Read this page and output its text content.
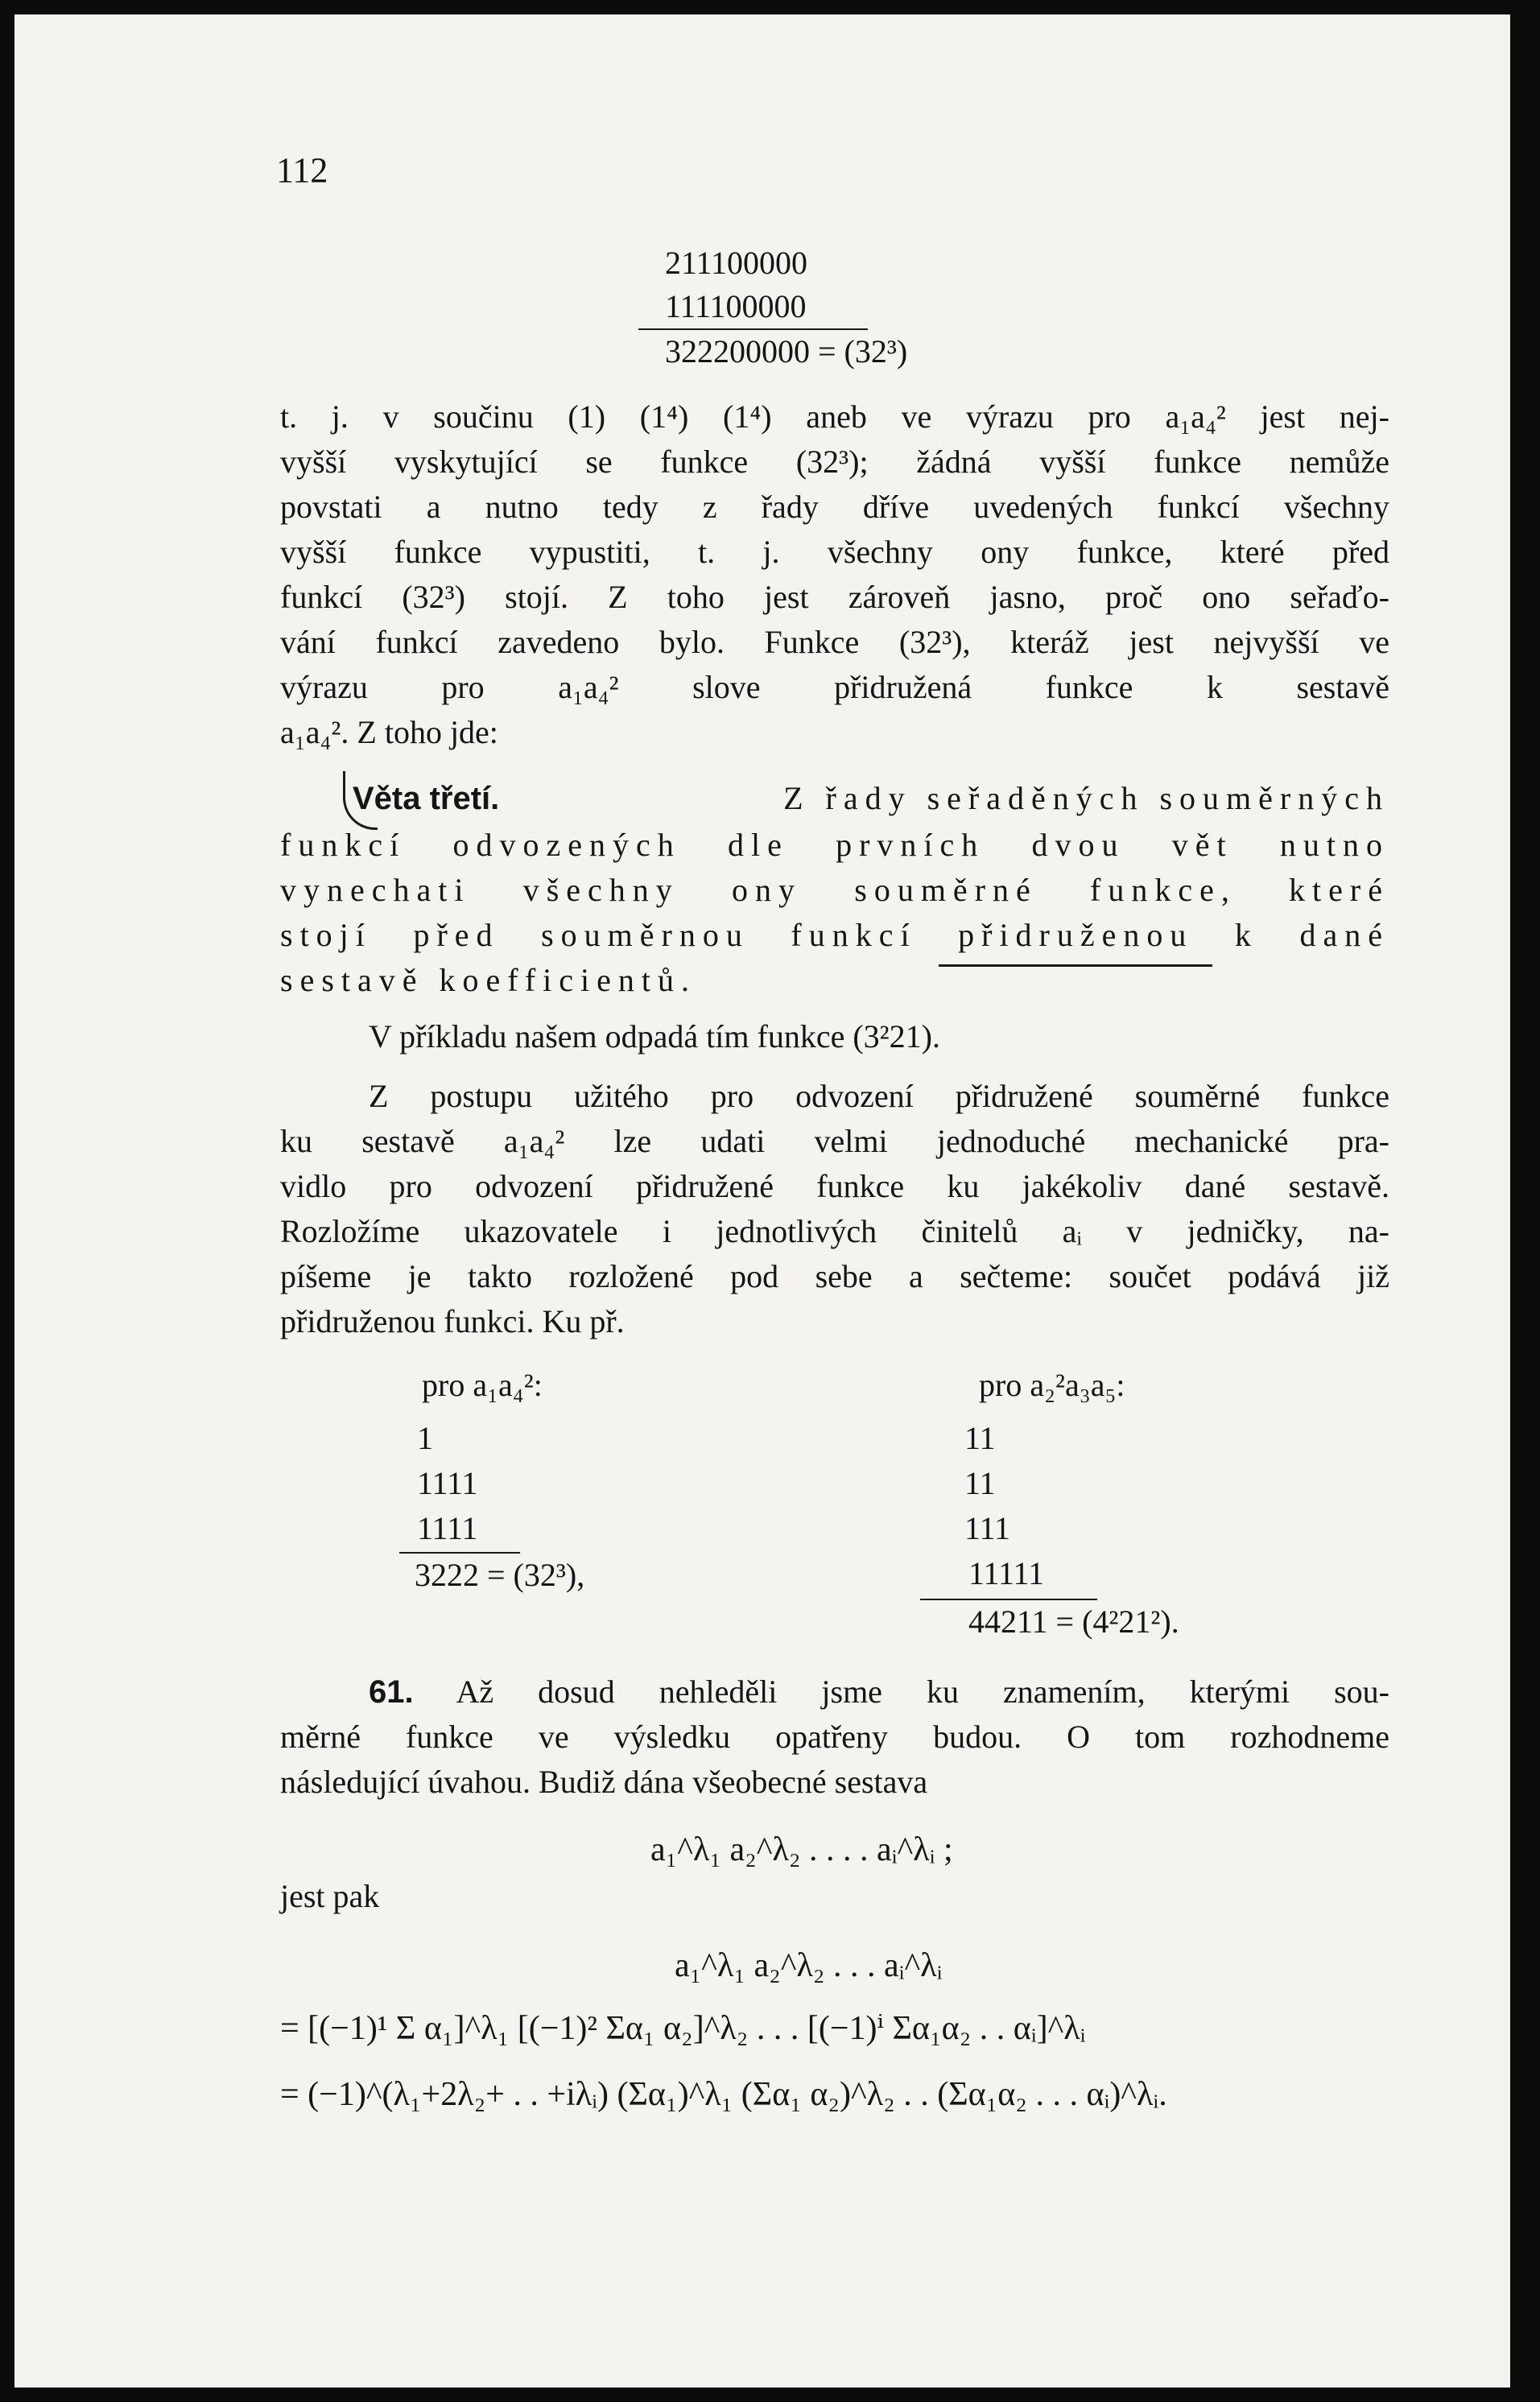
112
211100000
111100000
322200000 = (32³)
t. j. v součinu (1) (1⁴) (1⁴) aneb ve výrazu pro a₁a₄² jest nej-
vyšší vyskytující se funkce (32³); žádná vyšší funkce nemůže
povstati a nutno tedy z řady dříve uvedených funkcí všechny
vyšší funkce vypustiti, t. j. všechny ony funkce, které před
funkcí (32³) stojí. Z toho jest zároveň jasno, proč ono seřaďo-
vání funkcí zavedeno bylo. Funkce (32³), kteráž jest nejvyšší ve
výrazu pro a₁a₄² slove přidružená funkce k sestavě
a₁a₄². Z toho jde:
Věta třetí.	Z řady seřaděných souměrných
funkcí odvozených dle prvních dvou vět nutno
vynechati všechny ony souměrné funkce, které
stojí před souměrnou funkcí přidruženou k dané
sestavě koefficientů.
V příkladu našem odpadá tím funkce (3²21).
Z postupu užitého pro odvození přidružené souměrné funkce
ku sestavě a₁a₄² lze udati velmi jednoduché mechanické pra-
vidlo pro odvození přidružené funkce ku jakékoliv dané sestavě.
Rozložíme ukazovatele i jednotlivých činitelů aᵢ v jedničky, na-
píšeme je takto rozložené pod sebe a sečteme: součet podává již
přidruženou funkci. Ku př.
pro a₁a₄²:
1
1111
1111
3222 = (32³),
pro a₂²a₃a₅:
11
11
111
11111
44211 = (4²21²).
61. Až dosud nehleděli jsme ku znamením, kterými sou-
měrné funkce ve výsledku opatřeny budou. O tom rozhodneme
následující úvahou. Budiž dána všeobecné sestava
a₁^λ₁ a₂^λ₂ . . . . aᵢ^λᵢ ;
jest pak
a₁^λ₁ a₂^λ₂ . . . aᵢ^λᵢ
= [(−1)¹ Σ α₁]^λ₁ [(−1)² Σα₁ α₂]^λ₂ . . . [(−1)ⁱ Σα₁α₂ . . αᵢ]^λᵢ
= (−1)^(λ₁+2λ₂+ . . +iλᵢ) (Σα₁)^λ₁ (Σα₁ α₂)^λ₂ . . (Σα₁α₂ . . . αᵢ)^λᵢ.
